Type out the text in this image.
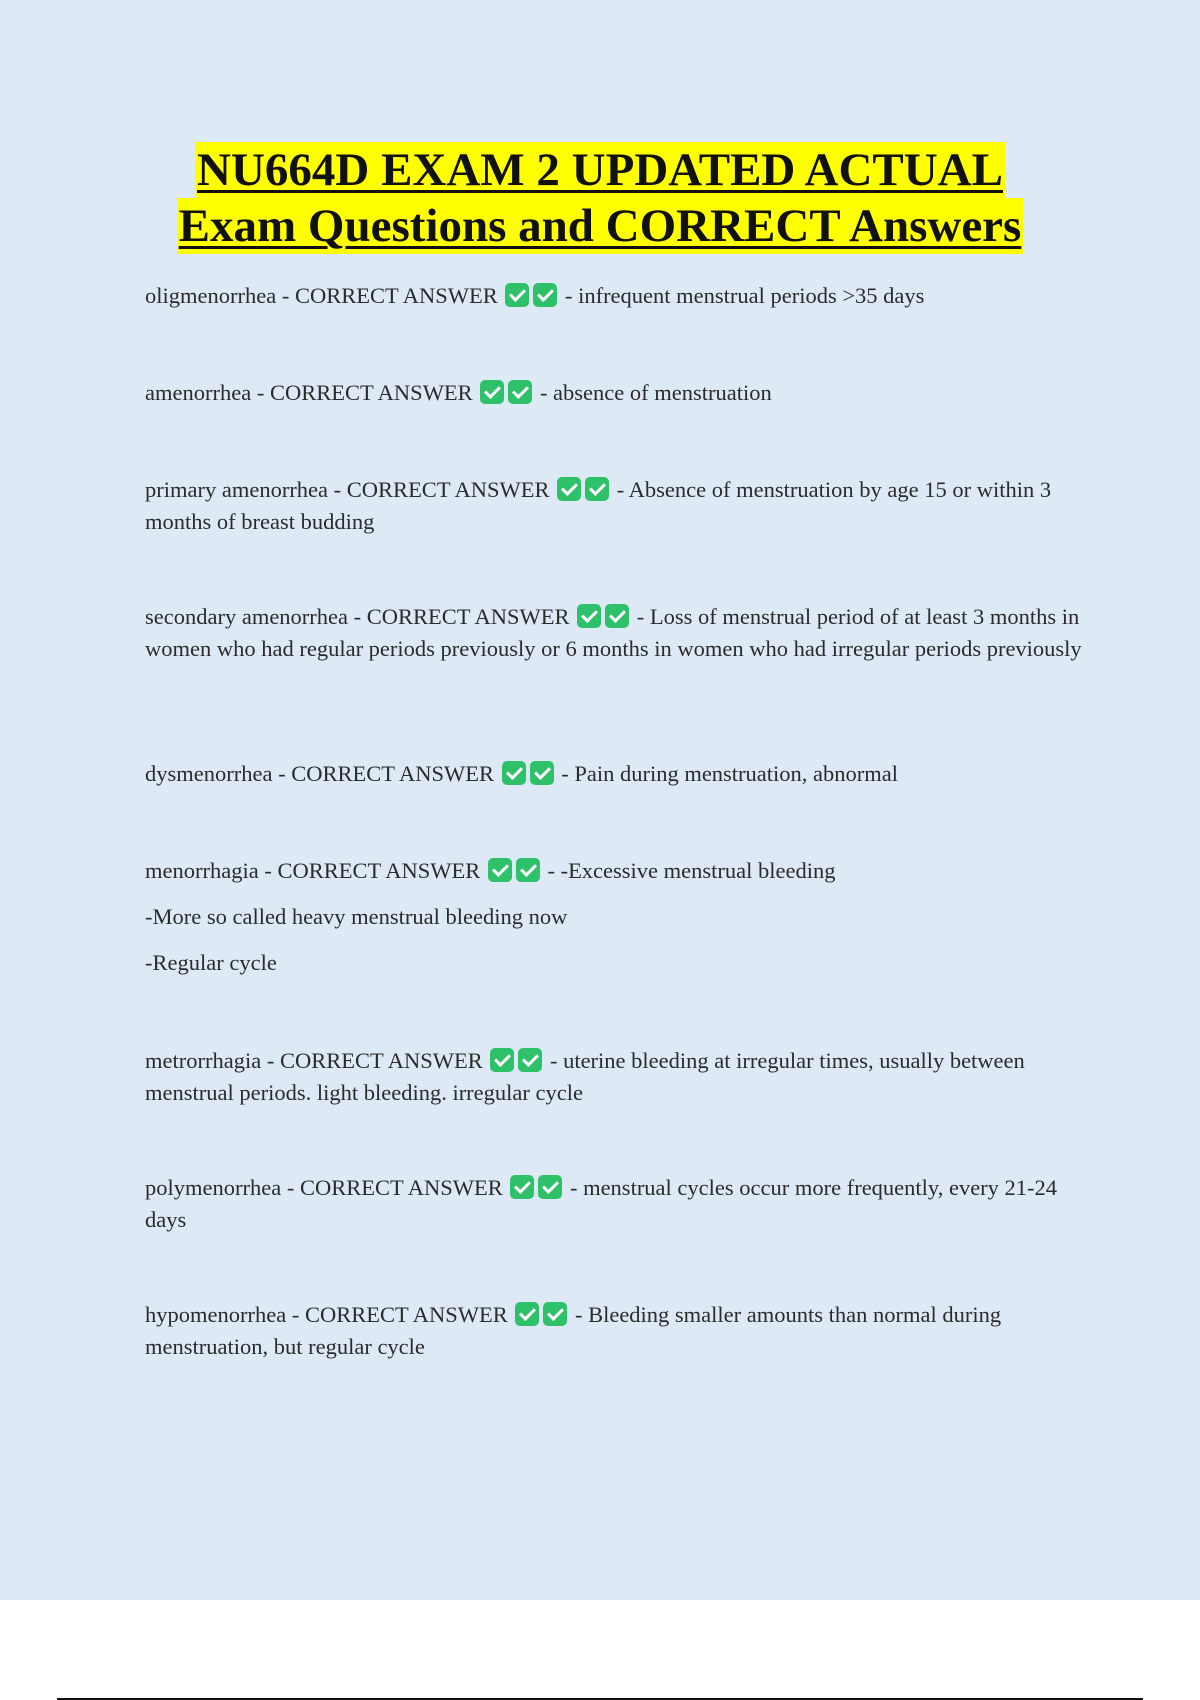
NU664D EXAM 2 UPDATED ACTUAL
Exam Questions and CORRECT Answers
oligmenorrhea - CORRECT ANSWER	- infrequent menstrual periods >35 days
amenorrhea - CORRECT ANSWER	- absence of menstruation
primary amenorrhea - CORRECT ANSWER	- Absence of menstruation by age 15 or within 3 months of breast budding
secondary amenorrhea - CORRECT ANSWER	- Loss of menstrual period of at least 3 months in women who had regular periods previously or 6 months in women who had irregular periods previously
dysmenorrhea - CORRECT ANSWER	- Pain during menstruation, abnormal
menorrhagia - CORRECT ANSWER	- -Excessive menstrual bleeding
-More so called heavy menstrual bleeding now
-Regular cycle
metrorrhagia - CORRECT ANSWER	- uterine bleeding at irregular times, usually between menstrual periods. light bleeding. irregular cycle
polymenorrhea - CORRECT ANSWER	- menstrual cycles occur more frequently, every 21-24 days
hypomenorrhea - CORRECT ANSWER	- Bleeding smaller amounts than normal during menstruation, but regular cycle
